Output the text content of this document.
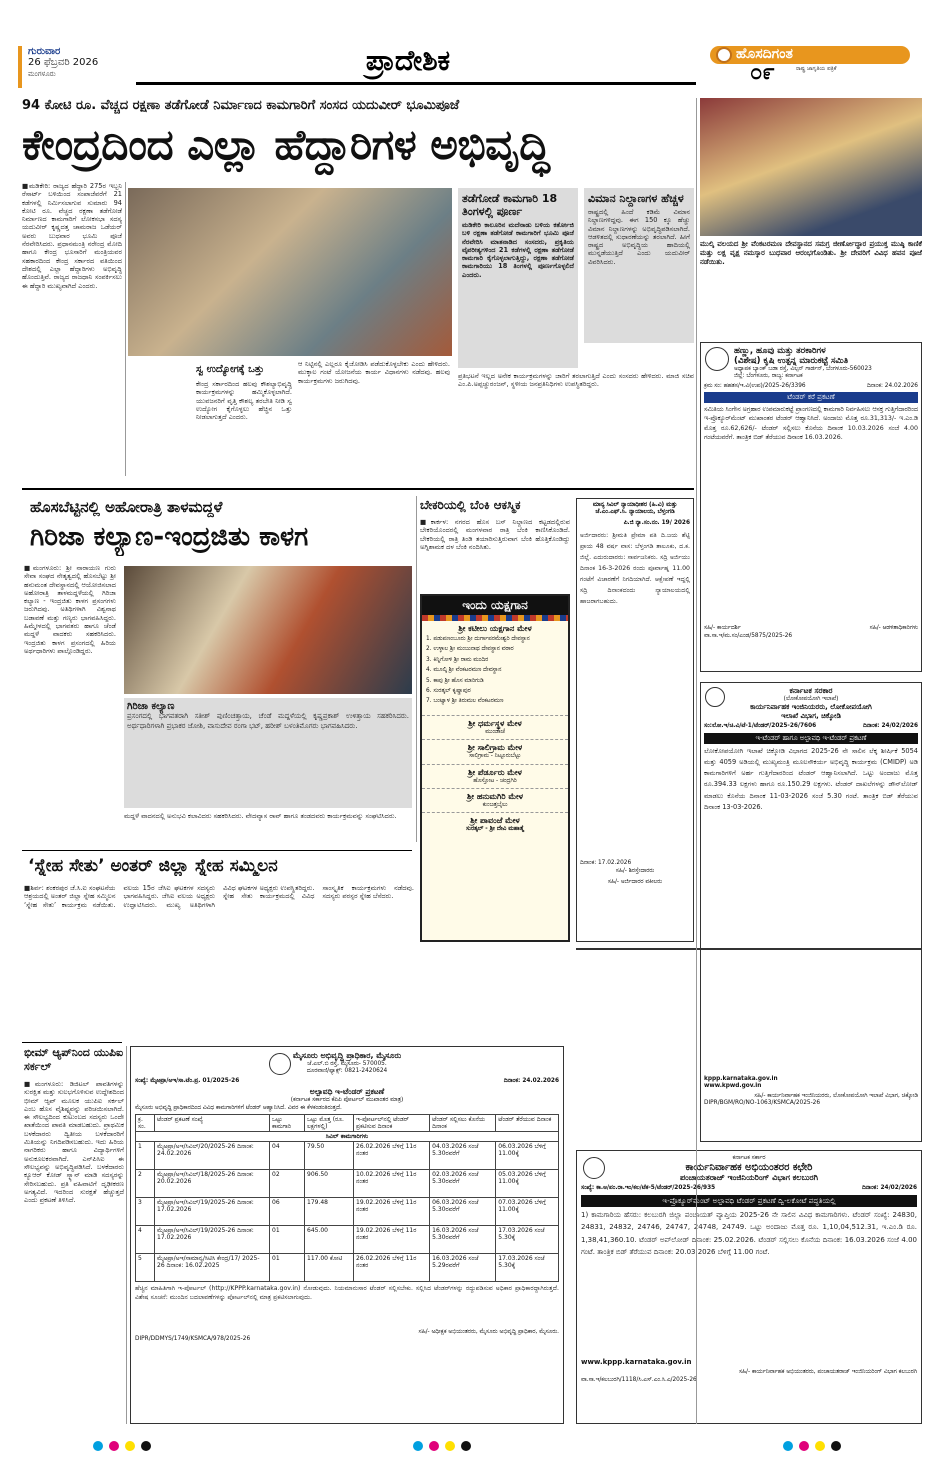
ಗುರುವಾರ
26 ಫೆಬ್ರವರಿ 2026
ಮಂಗಳೂರು	ಪ್ರಾದೇಶಿಕ	ಹೊಸದಿಗಂತ
ರಾಷ್ಟ್ರ ಜಾಗೃತಿಯ ಪತ್ರಿಕೆ
೦೯
94 ಕೋಟಿ ರೂ. ವೆಚ್ಚದ ರಕ್ಷಣಾ ತಡೆಗೋಡೆ ನಿರ್ಮಾಣದ ಕಾಮಗಾರಿಗೆ ಸಂಸದ ಯದುವೀರ್ ಭೂಮಿಪೂಜೆ
ಕೇಂದ್ರದಿಂದ ಎಲ್ಲಾ ಹೆದ್ದಾರಿಗಳ ಅಭಿವೃದ್ಧಿ
■ಮಡಿಕೇರಿ: ರಾಜ್ಯದ ಹೆದ್ದಾರಿ 275ರ ಇಬ್ಬನಿ ರೆಸಾರ್ಟ್ ಬಳಿಯಿಂದ ಸಂಪಾಜೆವರೆಗೆ 21 ಕಡೆಗಳಲ್ಲಿ ನಿರ್ಮಿಸಲಾಗುವ ಸುಮಾರು 94 ಕೋಟಿ ರೂ. ವೆಚ್ಚದ ರಕ್ಷಣಾ ತಡೆಗೋಡೆ ನಿರ್ಮಾಣದ ಕಾಮಗಾರಿಗೆ ಲೋಕಸಭಾ ಸದಸ್ಯ ಯದುವೀರ್ ಕೃಷ್ಣದತ್ತ ಚಾಮರಾಜ ಒಡೆಯರ್ ಅವರು ಬುಧವಾರ ಭೂಮಿ ಪೂಜೆ ನೆರವೇರಿಸಿದರು. ಪ್ರಧಾನಮಂತ್ರಿ ನರೇಂದ್ರ ಮೋದಿ ಹಾಗೂ ಕೇಂದ್ರ ಭೂಸಾರಿಗೆ ಮಂತ್ರಿಯವರ ಸಹಕಾರದಿಂದ ಕೇಂದ್ರ ಸರ್ಕಾರದ ವತಿಯಿಂದ ದೇಶದಲ್ಲಿ ಎಲ್ಲಾ ಹೆದ್ದಾರಿಗಳು ಅಭಿವೃದ್ಧಿ ಹೊಂದುತ್ತಿವೆ. ರಾಜ್ಯದ ರಾಜಧಾನಿ ಸಂಪರ್ಕಿಸಲು ಈ ಹೆದ್ದಾರಿ ಮುಖ್ಯವಾಗಿದೆ ಎಂದರು.
ಸ್ವ ಉದ್ಯೋಗಕ್ಕೆ ಒತ್ತು
ಕೇಂದ್ರ ಸರ್ಕಾರದಿಂದ ಹಲವು ಕೌಶಲ್ಯಾಭಿವೃದ್ಧಿ ಕಾರ್ಯಕ್ರಮಗಳನ್ನು ಹಮ್ಮಿಕೊಳ್ಳಲಾಗಿದೆ. ಯುವಜನರಿಗೆ ವೃತ್ತಿ ಕೌಶಲ್ಯ ತರಬೇತಿ ನೀಡಿ ಸ್ವ ಉದ್ಯೋಗ ಕೈಗೊಳ್ಳಲು ಹೆಚ್ಚಿನ ಒತ್ತು ನೀಡಲಾಗುತ್ತದೆ ಎಂದರು.
ಆ ನಿಟ್ಟಿನಲ್ಲಿ ಎಲ್ಲರೂ ಕೈಜೋಡಿಸಿ ಪಡೆದುಕೊಳ್ಳಬೇಕು ಎಂದು ಹೇಳಿದರು. ಮುಕ್ಕಾಲ ಗಂಟೆ ಯೋಜನೆಯ ಕಾರ್ಯ ವಿಧಾನಗಳು ನಡೆದವು. ಹಲವು ಕಾರ್ಯಕ್ರಮಗಳು ಜರುಗಿದವು.
ತಡೆಗೋಡೆ ಕಾಮಗಾರಿ 18 ತಿಂಗಳಲ್ಲಿ ಪೂರ್ಣ
ಮಡಿಕೇರಿ ಕಾಲೂರಿನ ಮದೆನಾಡು ಬಳಿಯ ಕರ್ತೋಜಿ ಬಳಿ ರಕ್ಷಣಾ ತಡೆಗೋಡೆ ಕಾಮಗಾರಿಗೆ ಭೂಮಿ ಪೂಜೆ ನೆರವೇರಿಸಿ ಮಾತನಾಡಿದ ಸಂಸದರು, ಪ್ರಕೃತಿಯ ವೈಪರೀತ್ಯಗಳಿಂದ 21 ಕಡೆಗಳಲ್ಲಿ ರಕ್ಷಣಾ ತಡೆಗೋಡೆ ಕಾಮಗಾರಿ ಕೈಗೊಳ್ಳಲಾಗುತ್ತಿದ್ದು, ರಕ್ಷಣಾ ತಡೆಗೋಡೆ ಕಾಮಗಾರಿಯು 18 ತಿಂಗಳಲ್ಲಿ ಪೂರ್ಣಗೊಳ್ಳಲಿದೆ ಎಂದರು.
ವಿಮಾನ ನಿಲ್ದಾಣಗಳ ಹೆಚ್ಚಳ
ರಾಷ್ಟ್ರದಲ್ಲಿ ಹಿಂದೆ ಕಡಿಮೆ ವಿಮಾನ ನಿಲ್ದಾಣಗಳಿದ್ದವು. ಈಗ 150 ಕ್ಕೂ ಹೆಚ್ಚು ವಿಮಾನ ನಿಲ್ದಾಣಗಳನ್ನು ಅಭಿವೃದ್ಧಿಪಡಿಸಲಾಗಿದೆ. ಆಡಳಿತದಲ್ಲಿ ಸುಧಾರಣೆಯನ್ನು ತರಲಾಗಿದೆ. ಹೀಗೆ ರಾಷ್ಟ್ರದ ಅಭಿವೃದ್ಧಿಯ ಹಾದಿಯಲ್ಲಿ ಮುನ್ನಡೆಯುತ್ತಿದೆ ಎಂದು ಯದುವೀರ್ ವಿವರಿಸಿದರು.
ಪ್ರತಿಭಟನೆ ಇಲ್ಲದ ಅನೇಕ ಕಾರ್ಯಕ್ರಮಗಳನ್ನು ಜಾರಿಗೆ ತರಲಾಗುತ್ತಿದೆ ಎಂದು ಸಂಸದರು ಹೇಳಿದರು. ಮಾಜಿ ಸಚಿವ ಎಂ.ಪಿ.ಅಪ್ಪಚ್ಚುರಂಜನ್, ಸ್ಥಳೀಯ ಜನಪ್ರತಿನಿಧಿಗಳು ಉಪಸ್ಥಿತರಿದ್ದರು.
ಮುಲ್ಕಿ ವಲಯದ ಶ್ರೀ ವೆಂಕಟರಮಣ ದೇವಸ್ಥಾನದ ಸಮಗ್ರ ಜೀರ್ಣೋದ್ಧಾರ ಪ್ರಯುಕ್ತ ಮುಷ್ಠಿ ಕಾಣಿಕೆ ಮತ್ತು ಲಕ್ಷ ವೃಕ್ಷ ನಮಸ್ಕಾರ ಬುಧವಾರ ಆರಂಭಗೊಂಡಿತು. ಶ್ರೀ ದೇವರಿಗೆ ವಿವಿಧ ಹವನ ಪೂಜೆ ನಡೆಯಿತು.
ಹಣ್ಣು, ಹೂವು ಮತ್ತು ತರಕಾರಿಗಳ
(ವಿಶೇಷ) ಕೃಷಿ ಉತ್ಪನ್ನ ಮಾರುಕಟ್ಟೆ ಸಮಿತಿ
ಅಧ್ಯಾಪಕ ಬ್ಯಾಂಕ್ ಬಡಾ ರಸ್ತೆ, ವಿಲ್ಸನ್ ಗಾರ್ಡನ್, ಬೆಂಗಳೂರು-560023
ಜಿಲ್ಲೆ: ಬೆಂಗಳೂರು, ರಾಜ್ಯ: ಕರ್ನಾಟಕ
ಕ್ರಮ ಸಂ: ಹಹತಸ/ಇ.ವಿ(ಉಪ)/2025-26/3396	ದಿನಾಂಕ: 24.02.2026
ಟೆಂಡರ್ ಕರೆ ಪ್ರಕಟಣೆ
ಸಮಿತಿಯ ಸಿಂಗೇನ ಅಗ್ರಹಾರ ಉಪಮಾರುಕಟ್ಟೆ ಪ್ರಾಂಗಣದಲ್ಲಿ ಕಾಮಗಾರಿ ನಿರ್ವಹಿಸಲು ಆಸಕ್ತ ಗುತ್ತಿಗೆದಾರರಿಂದ ಇ-ಪ್ರೊಕ್ಯೂರ್‌ಮೆಂಟ್ ಮುಖಾಂತರ ಟೆಂಡರ್ ಆಹ್ವಾನಿಸಿದೆ. ಅಂದಾಜು ಮೊತ್ತ ರೂ.31,313/- ಇ.ಎಂ.ಡಿ ಮೊತ್ತ ರೂ.62,626/- ಟೆಂಡರ್ ಸಲ್ಲಿಸಲು ಕೊನೆಯ ದಿನಾಂಕ 10.03.2026 ಸಂಜೆ 4.00 ಗಂಟೆಯವರೆಗೆ. ತಾಂತ್ರಿಕ ಬಿಡ್ ತೆರೆಯುವ ದಿನಾಂಕ 16.03.2026.
ಸಹಿ/- ಕಾರ್ಯದರ್ಶಿ	ಸಹಿ/- ಆಡಳಿತಾಧಿಕಾರಿಗಳು
ವಾ.ಸಾ.ಇ/ಮ.ಸಂ/ಎಂಡ/5875/2025-26
ಹೊಸಬೆಟ್ಟಿನಲ್ಲಿ ಅಹೋರಾತ್ರಿ ತಾಳಮದ್ದಳೆ
ಗಿರಿಜಾ ಕಲ್ಯಾಣ-ಇಂದ್ರಜಿತು ಕಾಳಗ
■ಮಂಗಳೂರು: ಶ್ರೀ ನಾರಾಯಣ ಗುರು ಸೇವಾ ಸಂಘದ ನೇತೃತ್ವದಲ್ಲಿ ಹೊಸಬೆಟ್ಟು ಶ್ರೀ ಹನುಮಂತ ದೇವಸ್ಥಾನದಲ್ಲಿ ಆಯೋಜಿಸಲಾದ ಅಹೋರಾತ್ರಿ ತಾಳಮದ್ದಳೆಯಲ್ಲಿ ಗಿರಿಜಾ ಕಲ್ಯಾಣ - ಇಂದ್ರಜಿತು ಕಾಳಗ ಪ್ರಸಂಗಗಳು ಜರುಗಿದವು. ಅತಿಥಿಗಳಾಗಿ ವಿಶ್ವನಾಥ ಬಡಾವಣೆ ಮತ್ತು ಗಣ್ಯರು ಭಾಗವಹಿಸಿದ್ದರು. ಹಿಮ್ಮೇಳದಲ್ಲಿ ಭಾಗವತರು ಹಾಗೂ ಚೆಂಡೆ ಮದ್ದಳೆ ವಾದಕರು ಸಹಕರಿಸಿದರು. ಇಂದ್ರಜಿತು ಕಾಳಗ ಪ್ರಸಂಗದಲ್ಲಿ ಹಿರಿಯ ಅರ್ಥಧಾರಿಗಳು ಪಾಲ್ಗೊಂಡಿದ್ದರು.
ಗಿರಿಜಾ ಕಲ್ಯಾಣ
ಪ್ರಸಂಗದಲ್ಲಿ ಭಾಗವತರಾಗಿ ಸತೀಶ್ ಪುಣಿಂಚತ್ತಾಯ, ಚೆಂಡೆ ಮದ್ದಳೆಯಲ್ಲಿ ಕೃಷ್ಣಪ್ರಕಾಶ್ ಉಳಿತ್ತಾಯ ಸಹಕರಿಸಿದರು. ಅರ್ಥಧಾರಿಗಳಾಗಿ ಪ್ರಭಾಕರ ಜೋಶಿ, ವಾಸುದೇವ ರಂಗಾ ಭಟ್, ಹರೀಶ್ ಬಳಂತಿಮೊಗರು ಭಾಗವಹಿಸಿದರು.
ಮದ್ದಳೆ ವಾದನದಲ್ಲಿ ಅನುಭವಿ ಕಲಾವಿದರು ಸಹಕರಿಸಿದರು. ವೇದವ್ಯಾಸ ರಾವ್ ಹಾಗೂ ತಂಡದವರು ಕಾರ್ಯಕ್ರಮವನ್ನು ಸಂಘಟಿಸಿದರು.
ಬೇಕರಿಯಲ್ಲಿ ಬೆಂಕಿ ಆಕಸ್ಮಿಕ
■ಕಾರ್ಕಳ: ನಗರದ ಹೊಸ ಬಸ್ ನಿಲ್ದಾಣದ ಕಟ್ಟಡದಲ್ಲಿರುವ ಬೇಕರಿಯೊಂದರಲ್ಲಿ ಮಂಗಳವಾರ ರಾತ್ರಿ ಬೆಂಕಿ ಕಾಣಿಸಿಕೊಂಡಿದೆ. ಬೇಕರಿಯಲ್ಲಿ ರಾತ್ರಿ ತಿಂಡಿ ತಯಾರಿಸುತ್ತಿರುವಾಗ ಬೆಂಕಿ ಹೊತ್ತಿಕೊಂಡಿದ್ದು ಅಗ್ನಿಶಾಮಕ ದಳ ಬೆಂಕಿ ನಂದಿಸಿತು.
ಮಾನ್ಯ ಸಿವಿಲ್ ನ್ಯಾಯಾಧೀಶರ (ಹಿ.ವಿ) ಮತ್ತು ಜೆ.ಎಂ.ಎಫ್.ಸಿ. ನ್ಯಾಯಾಲಯ, ಬೆಳ್ತಂಗಡಿ
ಪಿ.ಜಿ ನ್ಯಾ.ಸಂ.ನಂ. 19/ 2026
ಅರ್ಜಿದಾರರು: ಶ್ರೀಮತಿ ಪ್ರೇಮಾ ಪತಿ ದಿ.ಜಯ ಶೆಟ್ಟಿ ಪ್ರಾಯ 48 ವರ್ಷ ವಾಸ: ಬೆಳ್ತಂಗಡಿ ತಾಲೂಕು, ದ.ಕ. ಜಿಲ್ಲೆ. ಎದುರುದಾರರು: ಸಾರ್ವಜನಿಕರು. ಸದ್ರಿ ಅರ್ಜಿಯು ದಿನಾಂಕ 16-3-2026 ರಂದು ಪೂರ್ವಾಹ್ನ 11.00 ಗಂಟೆಗೆ ವಿಚಾರಣೆಗೆ ನಿಗದಿಯಾಗಿದೆ. ಆಕ್ಷೇಪಣೆ ಇದ್ದಲ್ಲಿ ಸದ್ರಿ ದಿನಾಂಕದಂದು ನ್ಯಾಯಾಲಯದಲ್ಲಿ ಹಾಜರಾಗಬಹುದು.
ದಿನಾಂಕ: 17.02.2026
ಸಹಿ/- ಶಿರಸ್ತೇದಾರರು
ಸಹಿ/- ಅರ್ಜಿದಾರರ ವಕೀಲರು
ಇಂದು ಯಕ್ಷಗಾನ
ಶ್ರೀ ಕಟೀಲು ಯಕ್ಷಗಾನ ಮೇಳ
1. ಪಡುಪಣಂಬೂರು ಶ್ರೀ ದುರ್ಗಾಪರಮೇಶ್ವರಿ ದೇವಸ್ಥಾನ
2. ಉಳ್ಳಾಲ ಶ್ರೀ ಮಂಜುನಾಥ ದೇವಸ್ಥಾನ ವಠಾರ
3. ಕಿನ್ನಿಗೋಳಿ ಶ್ರೀ ರಾಮ ಮಂದಿರ
4. ಮೂಲ್ಕಿ ಶ್ರೀ ವೆಂಕಟರಮಣ ದೇವಸ್ಥಾನ
5. ಕಾಪು ಶ್ರೀ ಹೊಸ ಮಾರಿಗುಡಿ
6. ಸುರತ್ಕಲ್ ಕೃಷ್ಣಾಪುರ
7. ಬಂಟ್ವಾಳ ಶ್ರೀ ತಿರುಮಲ ವೆಂಕಟರಮಣ
ಶ್ರೀ ಧರ್ಮಸ್ಥಳ ಮೇಳ
ಮುಂಡಾಜೆ
ಶ್ರೀ ಸಾಲಿಗ್ರಾಮ ಮೇಳ
ಸಾಲಿಗ್ರಾಮ - ನಿಟ್ಟೂರುಬೆಟ್ಟು
ಶ್ರೀ ಪೆರ್ಡೂರು ಮೇಳ
ಹೊಸ್ತೋಟ - ಚಂದ್ರಗಿರಿ
ಶ್ರೀ ಹನುಮಗಿರಿ ಮೇಳ
ಕುಂಜತ್ತಬೈಲು
ಶ್ರೀ ಪಾವಂಜೆ ಮೇಳ
ಸುರತ್ಕಲ್ - ಶ್ರೀ ದೇವಿ ಮಹಾತ್ಮೆ
‘ಸ್ನೇಹ ಸೇತು’ ಅಂತರ್ ಜಿಲ್ಲಾ ಸ್ನೇಹ ಸಮ್ಮಿಲನ
■ಶಿರ್ವ: ಶಂಕರಪುರ ಜೆ.ಸಿ.ಐ ಸಂಘಟನೆಯ ಆಶ್ರಯದಲ್ಲಿ ಅಂತರ್ ಜಿಲ್ಲಾ ಸ್ನೇಹ ಸಮ್ಮಿಲನ ‘ಸ್ನೇಹ ಸೇತು’ ಕಾರ್ಯಕ್ರಮ ನಡೆಯಿತು. ವಲಯ 15ರ ಜೆಸಿಐ ಘಟಕಗಳ ಸದಸ್ಯರು ಭಾಗವಹಿಸಿದ್ದರು. ಜೆಸಿಐ ವಲಯ ಅಧ್ಯಕ್ಷರು ಉದ್ಘಾಟಿಸಿದರು. ಮುಖ್ಯ ಅತಿಥಿಗಳಾಗಿ ವಿವಿಧ ಘಟಕಗಳ ಅಧ್ಯಕ್ಷರು ಉಪಸ್ಥಿತರಿದ್ದರು. ಸ್ನೇಹ ಸೇತು ಕಾರ್ಯಕ್ರಮದಲ್ಲಿ ವಿವಿಧ ಸಾಂಸ್ಕೃತಿಕ ಕಾರ್ಯಕ್ರಮಗಳು ನಡೆದವು. ಸದಸ್ಯರು ಪರಸ್ಪರ ಸ್ನೇಹ ಬೆಸೆದರು.
ಭೀಮ್ ಆ್ಯಪ್‌ನಿಂದ ಯುಪಿಐ ಸರ್ಕಲ್
■ಮಂಗಳೂರು: ಡಿಜಿಟಲ್ ಪಾವತಿಗಳನ್ನು ಸುರಕ್ಷಿತ ಮತ್ತು ಸುಲಭಗೊಳಿಸುವ ಉದ್ದೇಶದಿಂದ ಭೀಮ್ ಆ್ಯಪ್ ಮೂಲಕ ಯುಪಿಐ ಸರ್ಕಲ್ ಎಂಬ ಹೊಸ ವೈಶಿಷ್ಟ್ಯವನ್ನು ಪರಿಚಯಿಸಲಾಗಿದೆ. ಈ ಸೌಲಭ್ಯದಿಂದ ಕುಟುಂಬದ ಸದಸ್ಯರು ಒಂದೇ ಖಾತೆಯಿಂದ ಪಾವತಿ ಮಾಡಬಹುದು. ಪ್ರಾಥಮಿಕ ಬಳಕೆದಾರರು ದ್ವಿತೀಯ ಬಳಕೆದಾರರಿಗೆ ಮಿತಿಯನ್ನು ನಿಗದಿಪಡಿಸಬಹುದು. ಇದು ಹಿರಿಯ ನಾಗರಿಕರು ಹಾಗೂ ವಿದ್ಯಾರ್ಥಿಗಳಿಗೆ ಅನುಕೂಲಕರವಾಗಿದೆ. ಎನ್‌ಪಿಸಿಐ ಈ ಸೌಲಭ್ಯವನ್ನು ಅಭಿವೃದ್ಧಿಪಡಿಸಿದೆ. ಬಳಕೆದಾರರು ಕ್ಯೂಆರ್ ಕೋಡ್ ಸ್ಕ್ಯಾನ್ ಮಾಡಿ ಸದಸ್ಯರನ್ನು ಸೇರಿಸಬಹುದು. ಪ್ರತಿ ವಹಿವಾಟಿಗೆ ದೃಢೀಕರಣ ಅಗತ್ಯವಿದೆ. ಇದರಿಂದ ಸುರಕ್ಷತೆ ಹೆಚ್ಚುತ್ತದೆ ಎಂದು ಪ್ರಕಟಣೆ ತಿಳಿಸಿದೆ.
ಮೈಸೂರು ಅಭಿವೃದ್ಧಿ ಪ್ರಾಧಿಕಾರ, ಮೈಸೂರು
ಜೆ.ಎಲ್.ಬಿ ರಸ್ತೆ, ಮೈಸೂರು- 570005.
ದೂರವಾಣಿ/ಫ್ಯಾಕ್ಸ್: 0821-2420624
ಸಂಖ್ಯೆ: ಮೈಅಪ್ರಾ/ಅಇ/ಸಾ.ಟೆಂ.ಪ್ರ. 01/2025-26	ದಿನಾಂಕ: 24.02.2026
ಅಲ್ಪಾವಧಿ ಇ-ಟೆಂಡರ್ ಪ್ರಕಟಣೆ
(ಕರ್ನಾಟಕ ಸರ್ಕಾರದ ಕೆಪಿಪಿ ಪೋರ್ಟಲ್ ಮುಖಾಂತರ ಮಾತ್ರ)
ಮೈಸೂರು ಅಭಿವೃದ್ಧಿ ಪ್ರಾಧಿಕಾರದಿಂದ ವಿವಿಧ ಕಾಮಗಾರಿಗಳಿಗೆ ಟೆಂಡರ್ ಆಹ್ವಾನಿಸಿದೆ. ವಿವರ ಈ ಕೆಳಕಂಡಂತಿರುತ್ತದೆ.
ಕ್ರ. ಸಂ.	ಟೆಂಡರ್ ಪ್ರಕಟಣೆ ಸಂಖ್ಯೆ	ಒಟ್ಟು ಕಾಮಗಾರಿ	ಒಟ್ಟು ಮೊತ್ತ (ರೂ. ಲಕ್ಷಗಳಲ್ಲಿ)	ಇ-ಪೋರ್ಟಲ್‌ನಲ್ಲಿ ಟೆಂಡರ್ ಪ್ರಕಟಿಸುವ ದಿನಾಂಕ	ಟೆಂಡರ್ ಸಲ್ಲಿಸಲು ಕೊನೆಯ ದಿನಾಂಕ	ಟೆಂಡರ್ ತೆರೆಯುವ ದಿನಾಂಕ
ಸಿವಿಲ್ ಕಾಮಗಾರಿಗಳು						
1	ಮೈಅಪ್ರಾ/ಅಇ/ಸಿವಿಲ್/20/2025-26 ದಿನಾಂಕ: 24.02.2026	04	79.50	26.02.2026 ಬೆಳಿಗ್ಗೆ 11ರ ನಂತರ	04.03.2026 ಸಂಜೆ 5.30ರವರೆಗೆ	06.03.2026 ಬೆಳಿಗ್ಗೆ 11.00ಕ್ಕೆ
2	ಮೈಅಪ್ರಾ/ಅಇ/ಸಿವಿಲ್/18/2025-26 ದಿನಾಂಕ: 20.02.2026	02	906.50	10.02.2026 ಬೆಳಿಗ್ಗೆ 11ರ ನಂತರ	02.03.2026 ಸಂಜೆ 5.30ರವರೆಗೆ	05.03.2026 ಬೆಳಿಗ್ಗೆ 11.00ಕ್ಕೆ
3	ಮೈಅಪ್ರಾ/ಅಇ/ಸಿವಿಲ್/19/2025-26 ದಿನಾಂಕ: 17.02.2026	06	179.48	19.02.2026 ಬೆಳಿಗ್ಗೆ 11ರ ನಂತರ	06.03.2026 ಸಂಜೆ 5.30ರವರೆಗೆ	07.03.2026 ಬೆಳಿಗ್ಗೆ 11.00ಕ್ಕೆ
4	ಮೈಅಪ್ರಾ/ಅಇ/ಸಿವಿಲ್/19/2025-26 ದಿನಾಂಕ: 17.02.2026	01	645.00	19.02.2026 ಬೆಳಿಗ್ಗೆ 11ರ ನಂತರ	16.03.2026 ಸಂಜೆ 5.30ರವರೆಗೆ	17.03.2026 ಸಂಜೆ 5.30ಕ್ಕೆ
5	ಮೈಅಪ್ರಾ/ಅಇ/ಸಾಮಾನ್ಯ/ಸಿಟಿಸಿ ಕೇಂದ್ರ/17/ 2025-26 ದಿನಾಂಕ: 16.02.2025	01	117.00 ಕೋಟಿ	26.02.2026 ಬೆಳಿಗ್ಗೆ 11ರ ನಂತರ	16.03.2026 ಸಂಜೆ 5.29ರವರೆಗೆ	17.03.2026 ಸಂಜೆ 5.30ಕ್ಕೆ
ಹೆಚ್ಚಿನ ಮಾಹಿತಿಗಾಗಿ ಇ-ಪೋರ್ಟಲ್ (http://KPPP.karnataka.gov.in) ನೋಡುವುದು. ನಿಯಮಾನುಸಾರ ಟೆಂಡರ್ ಸಲ್ಲಿಸಬೇಕು. ಸಲ್ಲಿಸಿದ ಟೆಂಡರ್‌ಗಳನ್ನು ರದ್ದುಪಡಿಸುವ ಅಧಿಕಾರ ಪ್ರಾಧಿಕಾರದ್ದಾಗಿರುತ್ತದೆ. ವಿಶೇಷ ಸೂಚನೆ: ಮುಂದಿನ ಬದಲಾವಣೆಗಳನ್ನು ಪೋರ್ಟಲ್‌ನಲ್ಲಿ ಮಾತ್ರ ಪ್ರಕಟಿಸಲಾಗುವುದು.
ಸಹಿ/- ಅಧೀಕ್ಷಕ ಅಭಿಯಂತರರು, ಮೈಸೂರು ಅಭಿವೃದ್ಧಿ ಪ್ರಾಧಿಕಾರ, ಮೈಸೂರು.
DIPR/DDMYS/1749/KSMCA/978/2025-26
ಕರ್ನಾಟಕ ಸರಕಾರ
(ಲೋಕೋಪಯೋಗಿ ಇಲಾಖೆ)
ಕಾರ್ಯನಿರ್ವಾಹಕ ಇಂಜಿನಿಯರರು, ಲೋಕೋಪಯೋಗಿ
ಇಲಾಖೆ ವಿಭಾಗ, ಚಿಕ್ಕೋಡಿ
ಸಂ:ಲೋ.ಇ/ಚಿ.ವಿ/ಟೆ-1/ಟೆಂಡರ್/2025-26/7606	ದಿನಾಂಕ: 24/02/2026
ಇ-ಟೆಂಡರ್ ಹಾಗೂ ಅಲ್ಪಾವಧಿ ಇ-ಟೆಂಡರ್ ಪ್ರಕಟಣೆ
ಲೋಕೋಪಯೋಗಿ ಇಲಾಖೆ ಚಿಕ್ಕೋಡಿ ವಿಭಾಗದ 2025-26 ನೇ ಸಾಲಿನ ಲೆಕ್ಕ ಶೀರ್ಷಿಕೆ 5054 ಮತ್ತು 4059 ಅಡಿಯಲ್ಲಿ ಮುಖ್ಯಮಂತ್ರಿ ಮೂಲಸೌಕರ್ಯ ಅಭಿವೃದ್ಧಿ ಕಾರ್ಯಕ್ರಮ (CMIDP) ಅಡಿ ಕಾಮಗಾರಿಗಳಿಗೆ ಅರ್ಹ ಗುತ್ತಿಗೆದಾರರಿಂದ ಟೆಂಡರ್ ಆಹ್ವಾನಿಸಲಾಗಿದೆ. ಒಟ್ಟು ಅಂದಾಜು ಮೊತ್ತ ರೂ.394.33 ಲಕ್ಷಗಳು ಹಾಗೂ ರೂ.150.29 ಲಕ್ಷಗಳು. ಟೆಂಡರ್ ದಾಖಲೆಗಳನ್ನು ಡೌನ್‌ಲೋಡ್ ಮಾಡಲು ಕೊನೆಯ ದಿನಾಂಕ 11-03-2026 ಸಂಜೆ 5.30 ಗಂಟೆ. ತಾಂತ್ರಿಕ ಬಿಡ್ ತೆರೆಯುವ ದಿನಾಂಕ 13-03-2026.
kppp.karnataka.gov.in
www.kpwd.gov.in
ಸಹಿ/- ಕಾರ್ಯನಿರ್ವಾಹಕ ಇಂಜಿನಿಯರರು, ಲೋಕೋಪಯೋಗಿ ಇಲಾಖೆ ವಿಭಾಗ, ಚಿಕ್ಕೋಡಿ
DIPR/BGM/RO/NO-1063/KSMCA/2025-26
ಕರ್ನಾಟಕ ಸರ್ಕಾರ
ಕಾರ್ಯನಿರ್ವಾಹಕ ಅಭಿಯಂತರರ ಕಛೇರಿ
ಪಂಚಾಯತರಾಜ್ ಇಂಜಿನಿಯರಿಂಗ್ ವಿಭಾಗ ಕಲಬುರಗಿ
ಸಂಖ್ಯೆ: ಕಾ.ಅ/ಪಂ.ರಾ.ಇಂ/ಕಲ/ಟೆಕ-5/ಟೆಂಡರ್/2025-26/935	ದಿನಾಂಕ: 24/02/2026
ಇ-ಪ್ರೊಕ್ಯೂರ್‌ಮೆಂಟ್ ಅಲ್ಪಾವಧಿ ಟೆಂಡರ್ ಪ್ರಕಟಣೆ ದ್ವಿ-ಲಕೋಟೆ ಪದ್ಧತಿಯಲ್ಲಿ
1) ಕಾಮಗಾರಿಯ ಹೆಸರು: ಕಲಬುರಗಿ ಜಿಲ್ಲಾ ಪಂಚಾಯತ್ ವ್ಯಾಪ್ತಿಯ 2025-26 ನೇ ಸಾಲಿನ ವಿವಿಧ ಕಾಮಗಾರಿಗಳು. ಟೆಂಡರ್ ಸಂಖ್ಯೆ: 24830, 24831, 24832, 24746, 24747, 24748, 24749. ಒಟ್ಟು ಅಂದಾಜು ಮೊತ್ತ ರೂ. 1,10,04,512.31, ಇ.ಎಂ.ಡಿ ರೂ. 1,38,41,360.10. ಟೆಂಡರ್ ಅಪ್‌ಲೋಡ್ ದಿನಾಂಕ: 25.02.2026. ಟೆಂಡರ್ ಸಲ್ಲಿಸಲು ಕೊನೆಯ ದಿನಾಂಕ: 16.03.2026 ಸಂಜೆ 4.00 ಗಂಟೆ. ತಾಂತ್ರಿಕ ಬಿಡ್ ತೆರೆಯುವ ದಿನಾಂಕ: 20.03.2026 ಬೆಳಿಗ್ಗೆ 11.00 ಗಂಟೆ.
www.kppp.karnataka.gov.in
ಸಹಿ/- ಕಾರ್ಯನಿರ್ವಾಹಕ ಅಭಿಯಂತರರು, ಪಂಚಾಯತರಾಜ್ ಇಂಜಿನಿಯರಿಂಗ್ ವಿಭಾಗ ಕಲಬುರಗಿ
ವಾ.ಸಾ.ಇ/ಕಲಬುರಗಿ/1118/ಸಿ.ಎಸ್.ಎಂ.ಸಿ.ಎ/2025-26
